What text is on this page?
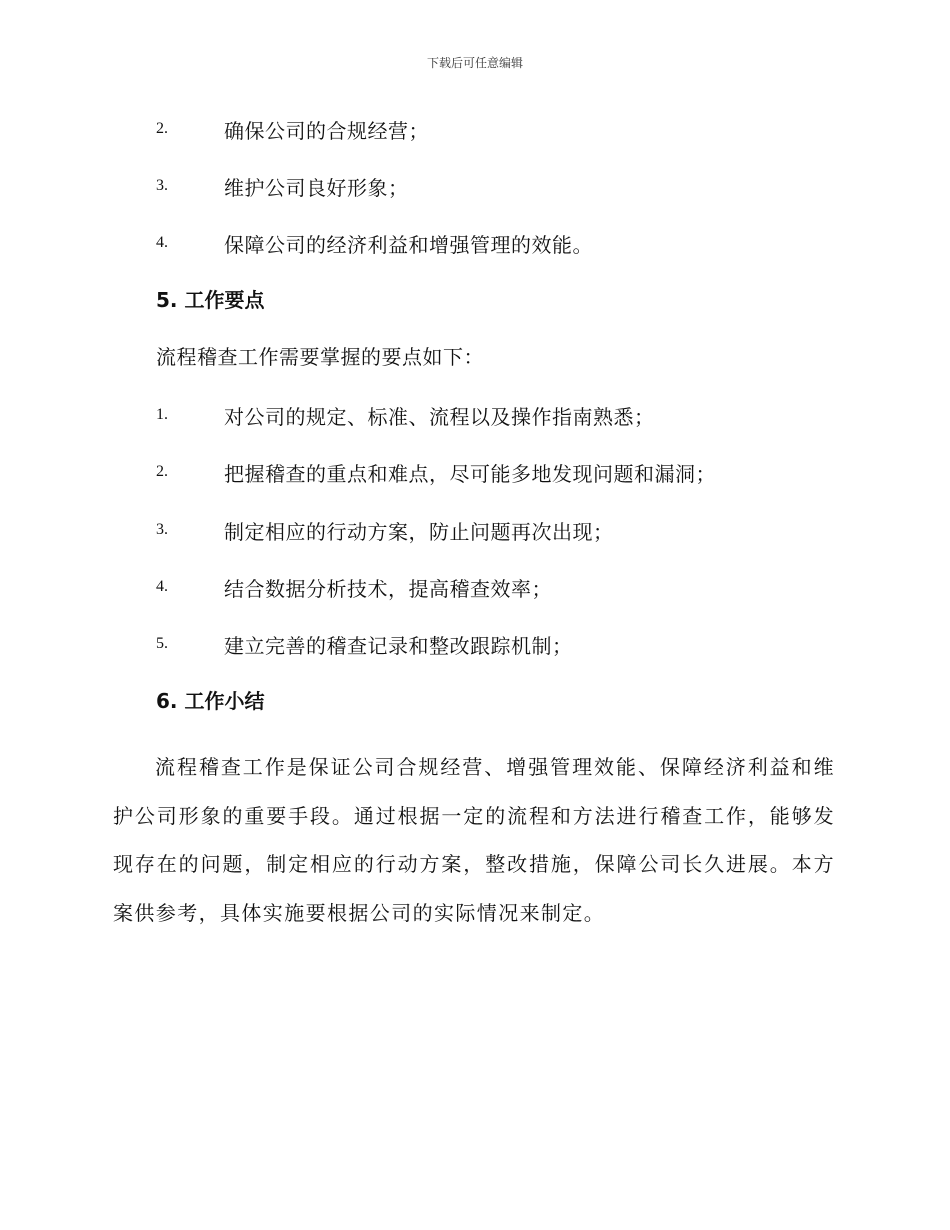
下载后可任意编辑
2.	确保公司的合规经营；
3.	维护公司良好形象；
4.	保障公司的经济利益和增强管理的效能。
5. 工作要点
流程稽查工作需要掌握的要点如下：
1.	对公司的规定、标准、流程以及操作指南熟悉；
2.	把握稽查的重点和难点，尽可能多地发现问题和漏洞；
3.	制定相应的行动方案，防止问题再次出现；
4.	结合数据分析技术，提高稽查效率；
5.	建立完善的稽查记录和整改跟踪机制；
6. 工作小结

流程稽查工作是保证公司合规经营、增强管理效能、保障经济利益和维护公司形象的重要手段。通过根据一定的流程和方法进行稽查工作，能够发现存在的问题，制定相应的行动方案，整改措施，保障公司长久进展。本方案供参考，具体实施要根据公司的实际情况来制定。
